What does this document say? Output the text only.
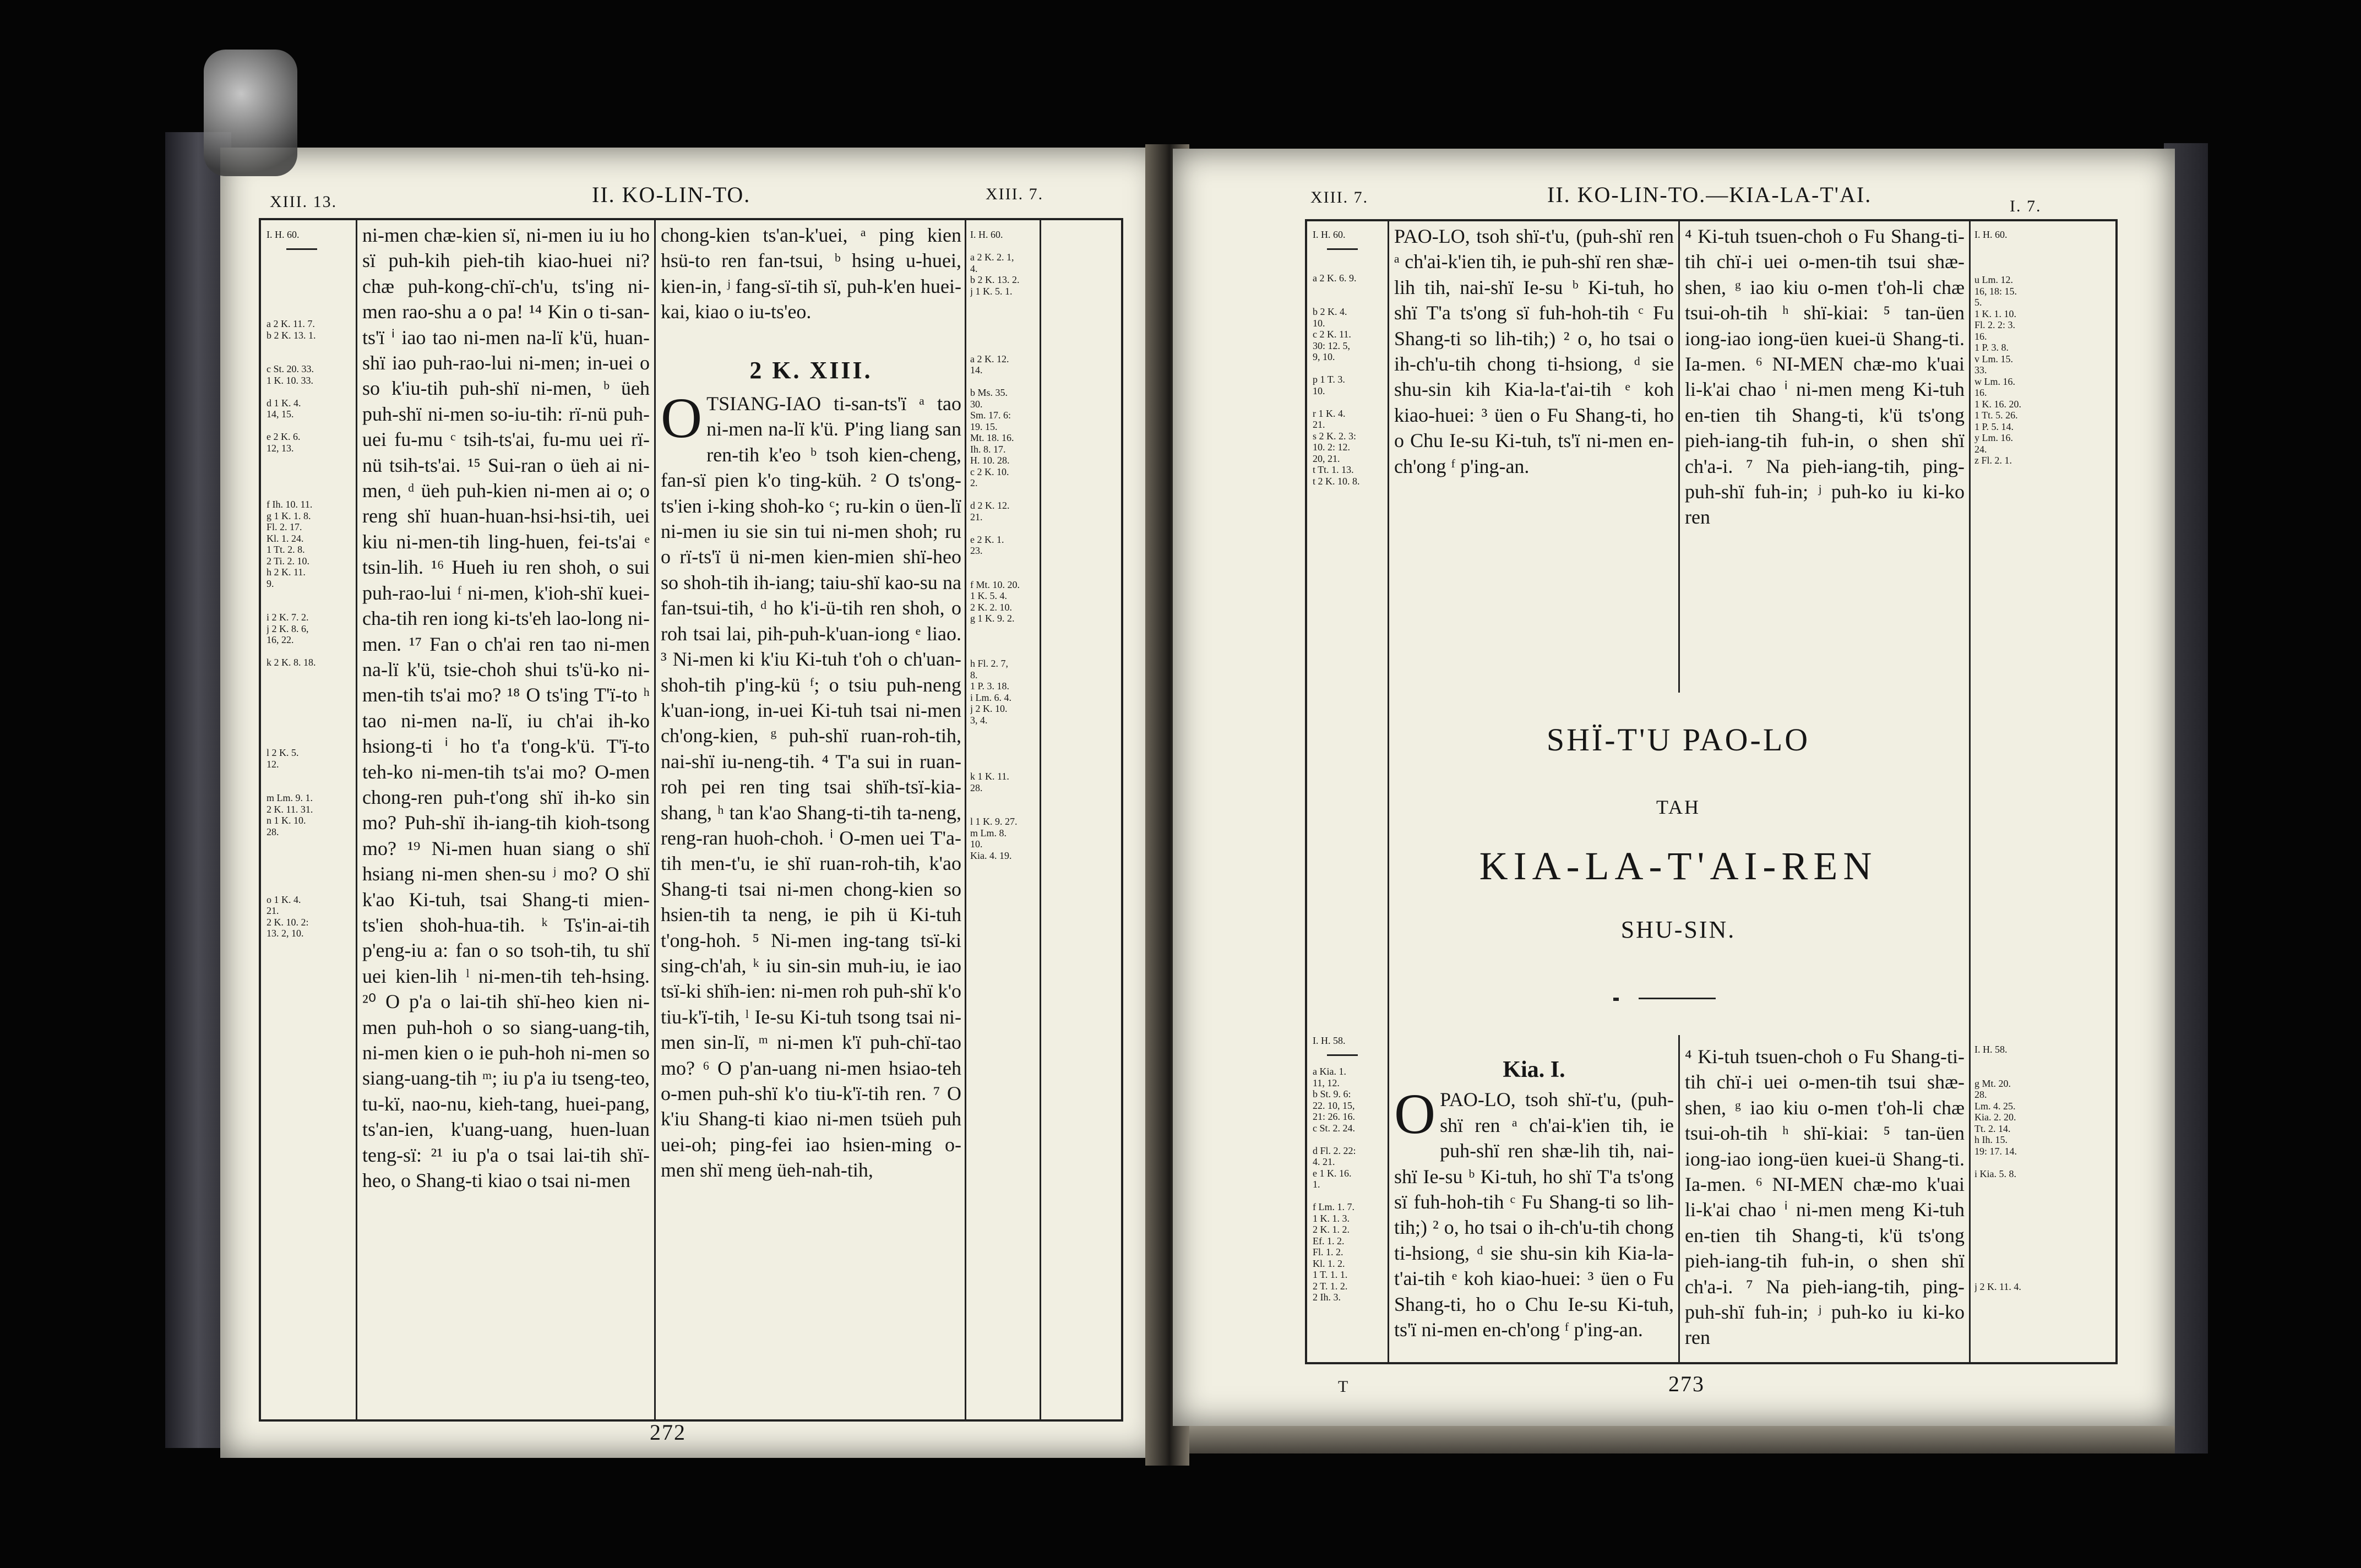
XIII. 13.	II. KO-LIN-TO.	XIII. 7.
I. H. 60.
a 2 K. 11. 7.
b 2 K. 13. 1.

c St. 20. 33.
1 K. 10. 33.

d 1 K. 4.
14, 15.

e 2 K. 6.
12, 13.

f Ih. 10. 11.
g 1 K. 1. 8.
Fl. 2. 17.
Kl. 1. 24.
1 Tt. 2. 8.
2 Ti. 2. 10.
h 2 K. 11.
9.

i 2 K. 7. 2.
j 2 K. 8. 6,
16, 22.

k 2 K. 8. 18.

l 2 K. 5.
12.

m Lm. 9. 1.
2 K. 11. 31.
n 1 K. 10.
28.

o 1 K. 4.
21.
2 K. 10. 2:
13. 2, 10.

ni-men chæ-kien sï, ni-men iu iu ho sï puh-kih pieh-tih kiao-huei ni? chæ puh-kong-chï-ch'u, ts'ing ni-men rao-shu a o pa! ¹⁴ Kin o ti-san-ts'ï ⁱ iao tao ni-men na-lï k'ü, huan-shï iao puh-rao-lui ni-men; in-uei o so k'iu-tih puh-shï ni-men, ᵇ üeh puh-shï ni-men so-iu-tih: rï-nü puh-uei fu-mu ᶜ tsih-ts'ai, fu-mu uei rï-nü tsih-ts'ai. ¹⁵ Sui-ran o üeh ai ni-men, ᵈ üeh puh-kien ni-men ai o; o reng shï huan-huan-hsi-hsi-tih, uei kiu ni-men-tih ling-huen, fei-ts'ai ᵉ tsin-lih. ¹⁶ Hueh iu ren shoh, o sui puh-rao-lui ᶠ ni-men, k'ioh-shï kuei-cha-tih ren iong ki-ts'eh lao-long ni-men. ¹⁷ Fan o ch'ai ren tao ni-men na-lï k'ü, tsie-choh shui ts'ü-ko ni-men-tih ts'ai mo? ¹⁸ O ts'ing T'ï-to ʰ tao ni-men na-lï, iu ch'ai ih-ko hsiong-ti ⁱ ho t'a t'ong-k'ü. T'ï-to teh-ko ni-men-tih ts'ai mo? O-men chong-ren puh-t'ong shï ih-ko sin mo? Puh-shï ih-iang-tih kioh-tsong mo? ¹⁹ Ni-men huan siang o shï hsiang ni-men shen-su ʲ mo? O shï k'ao Ki-tuh, tsai Shang-ti mien-ts'ien shoh-hua-tih. ᵏ Ts'in-ai-tih p'eng-iu a: fan o so tsoh-tih, tu shï uei kien-lih ˡ ni-men-tih teh-hsing. ²⁰ O p'a o lai-tih shï-heo kien ni-men puh-hoh o so siang-uang-tih, ni-men kien o ie puh-hoh ni-men so siang-uang-tih ᵐ; iu p'a iu tseng-teo, tu-kï, nao-nu, kieh-tang, huei-pang, ts'an-ien, k'uang-uang, huen-luan teng-sï: ²¹ iu p'a o tsai lai-tih shï-heo, o Shang-ti kiao o tsai ni-men

chong-kien ts'an-k'uei, ᵃ ping kien hsü-to ren fan-tsui, ᵇ hsing u-huei, kien-in, ʲ fang-sï-tih sï, puh-k'en huei-kai, kiao o iu-ts'eo.

2 K. XIII.

O TSIANG-IAO ti-san-ts'ï ᵃ tao ni-men na-lï k'ü. P'ing liang san ren-tih k'eo ᵇ tsoh kien-cheng, fan-sï pien k'o ting-küh. ² O ts'ong-ts'ien i-king shoh-ko ᶜ; ru-kin o üen-lï ni-men iu sie sin tui ni-men shoh; ru o rï-ts'ï ü ni-men kien-mien shï-heo so shoh-tih ih-iang; taiu-shï kao-su na fan-tsui-tih, ᵈ ho k'i-ü-tih ren shoh, o roh tsai lai, pih-puh-k'uan-iong ᵉ liao. ³ Ni-men ki k'iu Ki-tuh t'oh o ch'uan-shoh-tih p'ing-kü ᶠ; o tsiu puh-neng k'uan-iong, in-uei Ki-tuh tsai ni-men ch'ong-kien, ᵍ puh-shï ruan-roh-tih, nai-shï iu-neng-tih. ⁴ T'a sui in ruan-roh pei ren ting tsai shïh-tsï-kia-shang, ʰ tan k'ao Shang-ti-tih ta-neng, reng-ran huoh-choh. ⁱ O-men uei T'a-tih men-t'u, ie shï ruan-roh-tih, k'ao Shang-ti tsai ni-men chong-kien so hsien-tih ta neng, ie pih ü Ki-tuh t'ong-hoh. ⁵ Ni-men ing-tang tsï-ki sing-ch'ah, ᵏ iu sin-sin muh-iu, ie iao tsï-ki shïh-ien: ni-men roh puh-shï k'o tiu-k'ï-tih, ˡ Ie-su Ki-tuh tsong tsai ni-men sin-lï, ᵐ ni-men k'ï puh-chï-tao mo? ⁶ O p'an-uang ni-men hsiao-teh o-men puh-shï k'o tiu-k'ï-tih ren. ⁷ O k'iu Shang-ti kiao ni-men tsüeh puh uei-oh; ping-fei iao hsien-ming o-men shï meng üeh-nah-tih,

I. H. 60.

a 2 K. 2. 1,
4.
b 2 K. 13. 2.
j 1 K. 5. 1.

a 2 K. 12.
14.

b Ms. 35.
30.
Sm. 17. 6:
19. 15.
Mt. 18. 16.
Ih. 8. 17.
H. 10. 28.
c 2 K. 10.
2.

d 2 K. 12.
21.

e 2 K. 1.
23.

f Mt. 10. 20.
1 K. 5. 4.
2 K. 2. 10.
g 1 K. 9. 2.

h Fl. 2. 7,
8.
1 P. 3. 18.
i Lm. 6. 4.
j 2 K. 10.
3, 4.

k 1 K. 11.
28.

l 1 K. 9. 27.
m Lm. 8.
10.
Kia. 4. 19.
272
XIII. 7.	II. KO-LIN-TO.—KIA-LA-T'AI.	I. 7.
I. H. 60.

a 2 K. 6. 9.

b 2 K. 4.
10.
c 2 K. 11.
30: 12. 5,
9, 10.

p 1 T. 3.
10.

r 1 K. 4.
21.
s 2 K. 2. 3:
10. 2: 12.
20, 21.
t Tt. 1. 13.
t 2 K. 10. 8.

PAO-LO, tsoh shï-t'u, (puh-shï ren ᵃ ch'ai-k'ien tih, ie puh-shï ren shæ-lih tih, nai-shï Ie-su ᵇ Ki-tuh, ho shï T'a ts'ong sï fuh-hoh-tih ᶜ Fu Shang-ti so lih-tih;) ² o, ho tsai o ih-ch'u-tih chong ti-hsiong, ᵈ sie shu-sin kih Kia-la-t'ai-tih ᵉ koh kiao-huei: ³ üen o Fu Shang-ti, ho o Chu Ie-su Ki-tuh, ts'ï ni-men en-ch'ong ᶠ p'ing-an.

⁴ Ki-tuh tsuen-choh o Fu Shang-ti-tih chï-i uei o-men-tih tsui shæ-shen, ᵍ iao kiu o-men t'oh-li chæ tsui-oh-tih ʰ shï-kiai: ⁵ tan-üen iong-iao iong-üen kuei-ü Shang-ti. Ia-men. ⁶ NI-MEN chæ-mo k'uai li-k'ai chao ⁱ ni-men meng Ki-tuh en-tien tih Shang-ti, k'ü ts'ong pieh-iang-tih fuh-in, o shen shï ch'a-i. ⁷ Na pieh-iang-tih, ping-puh-shï fuh-in; ʲ puh-ko iu ki-ko ren

I. H. 60.

u Lm. 12.
16, 18: 15.
5.
1 K. 1. 10.
Fl. 2. 2: 3.
16.
1 P. 3. 8.
v Lm. 15.
33.
w Lm. 16.
16.
1 K. 16. 20.
1 Tt. 5. 26.
1 P. 5. 14.
y Lm. 16.
24.
z Fl. 2. 1.
SHÏ-T'U PAO-LO
TAH
KIA-LA-T'AI-REN
SHU-SIN.
I. H. 58.
a Kia. 1.
11, 12.
b St. 9. 6:
22. 10, 15,
21: 26. 16.
c St. 2. 24.

d Fl. 2. 22:
4. 21.
e 1 K. 16.
1.

f Lm. 1. 7.
1 K. 1. 3.
2 K. 1. 2.
Ef. 1. 2.
Fl. 1. 2.
Kl. 1. 2.
1 T. 1. 1.
2 T. 1. 2.
2 Ih. 3.
Kia. I.

O PAO-LO, tsoh shï-t'u, (puh-shï ren ᵃ ch'ai-k'ien tih, ie puh-shï ren shæ-lih tih, nai-shï Ie-su ᵇ Ki-tuh, ho shï T'a ts'ong sï fuh-hoh-tih ᶜ Fu Shang-ti so lih-tih;) ² o, ho tsai o ih-ch'u-tih chong ti-hsiong, ᵈ sie shu-sin kih Kia-la-t'ai-tih ᵉ koh kiao-huei: ³ üen o Fu Shang-ti, ho o Chu Ie-su Ki-tuh, ts'ï ni-men en-ch'ong ᶠ p'ing-an.

⁴ Ki-tuh tsuen-choh o Fu Shang-ti-tih chï-i uei o-men-tih tsui shæ-shen, ᵍ iao kiu o-men t'oh-li chæ tsui-oh-tih ʰ shï-kiai: ⁵ tan-üen iong-iao iong-üen kuei-ü Shang-ti. Ia-men. ⁶ NI-MEN chæ-mo k'uai li-k'ai chao ⁱ ni-men meng Ki-tuh en-tien tih Shang-ti, k'ü ts'ong pieh-iang-tih fuh-in, o shen shï ch'a-i. ⁷ Na pieh-iang-tih, ping-puh-shï fuh-in; ʲ puh-ko iu ki-ko ren

I. H. 58.

g Mt. 20.
28.
Lm. 4. 25.
Kia. 2. 20.
Tt. 2. 14.
h Ih. 15.
19: 17. 14.

i Kia. 5. 8.

j 2 K. 11. 4.
T	273
